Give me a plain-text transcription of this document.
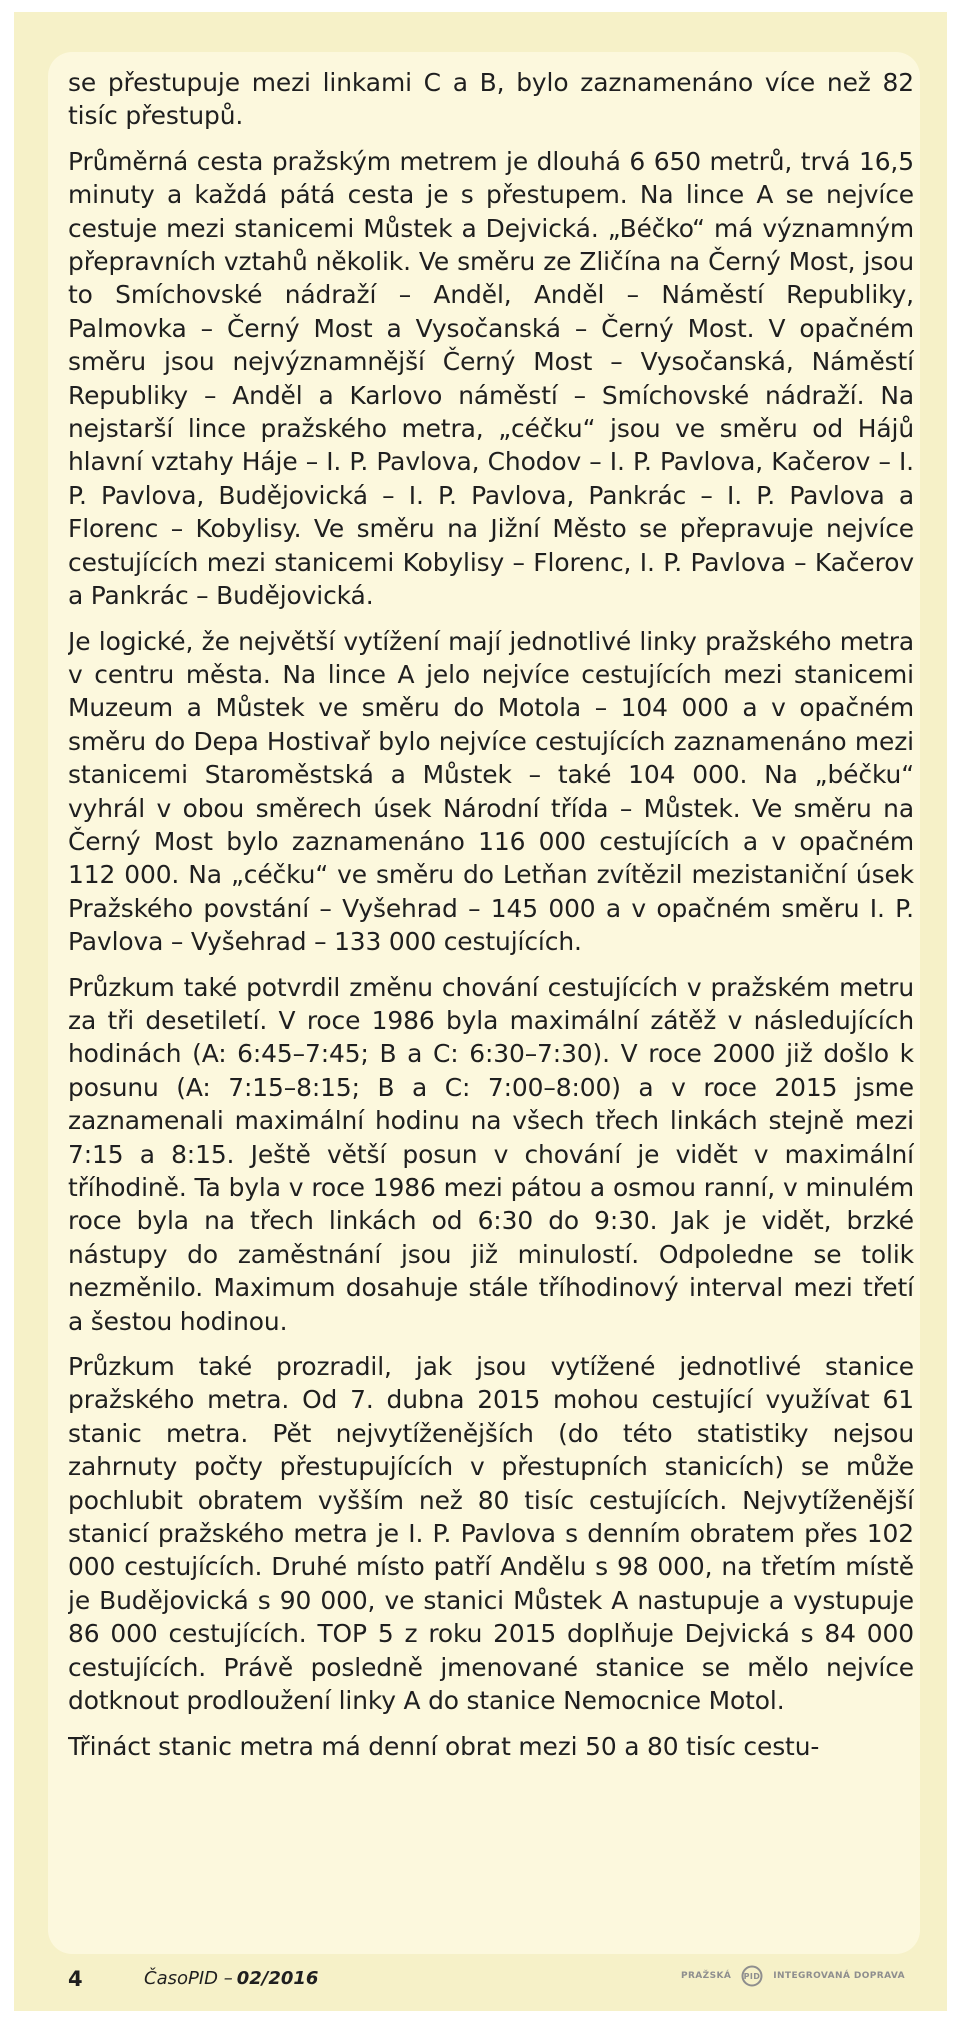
se přestupuje mezi linkami C a B, bylo zaznamenáno více než 82 tisíc přestupů.

Průměrná cesta pražským metrem je dlouhá 6 650 metrů, trvá 16,5 minuty a každá pátá cesta je s přestupem. Na lince A se nejvíce cestuje mezi stanicemi Můstek a Dejvická. „Béčko“ má významným přepravních vztahů několik. Ve směru ze Zličína na Černý Most, jsou to Smíchovské nádraží – Anděl, Anděl – Náměstí Republiky, Palmovka – Černý Most a Vysočanská – Černý Most. V opačném směru jsou nejvýznamnější Černý Most – Vysočanská, Náměstí Republiky – Anděl a Karlovo náměstí – Smíchovské nádraží. Na nejstarší lince pražského metra, „céčku“ jsou ve směru od Hájů hlavní vztahy Háje – I. P. Pavlova, Chodov – I. P. Pavlova, Kačerov – I. P. Pavlova, Budějovická – I. P. Pavlova, Pankrác – I. P. Pavlova a Florenc – Kobylisy. Ve směru na Jižní Město se přepravuje nejvíce cestujících mezi stanicemi Kobylisy – Florenc, I. P. Pavlova – Kačerov a Pankrác – Budějovická.

Je logické, že největší vytížení mají jednotlivé linky pražského metra v centru města. Na lince A jelo nejvíce cestujících mezi stanicemi Muzeum a Můstek ve směru do Motola – 104 000 a v opačném směru do Depa Hostivař bylo nejvíce cestujících zaznamenáno mezi stanicemi Staroměstská a Můstek – také 104 000. Na „béčku“ vyhrál v obou směrech úsek Národní třída – Můstek. Ve směru na Černý Most bylo zaznamenáno 116 000 cestujících a v opačném 112 000. Na „céčku“ ve směru do Letňan zvítězil mezistaniční úsek Pražského povstání – Vyšehrad – 145 000 a v opačném směru I. P. Pavlova – Vyšehrad – 133 000 cestujících.

Průzkum také potvrdil změnu chování cestujících v pražském metru za tři desetiletí. V roce 1986 byla maximální zátěž v následujících hodinách (A: 6:45–7:45; B a C: 6:30–7:30). V roce 2000 již došlo k posunu (A: 7:15–8:15; B a C: 7:00–8:00) a v roce 2015 jsme zaznamenali maximální hodinu na všech třech linkách stejně mezi 7:15 a 8:15. Ještě větší posun v chování je vidět v maximální tříhodině. Ta byla v roce 1986 mezi pátou a osmou ranní, v minulém roce byla na třech linkách od 6:30 do 9:30. Jak je vidět, brzké nástupy do zaměstnání jsou již minulostí. Odpoledne se tolik nezměnilo. Maximum dosahuje stále tříhodinový interval mezi třetí a šestou hodinou.

Průzkum také prozradil, jak jsou vytížené jednotlivé stanice pražského metra. Od 7. dubna 2015 mohou cestující využívat 61 stanic metra. Pět nejvytíženějších (do této statistiky nejsou zahrnuty počty přestupujících v přestupních stanicích) se může pochlubit obratem vyšším než 80 tisíc cestujících. Nejvytíženější stanicí pražského metra je I. P. Pavlova s denním obratem přes 102 000 cestujících. Druhé místo patří Andělu s 98 000, na třetím místě je Budějovická s 90 000, ve stanici Můstek A nastupuje a vystupuje 86 000 cestujících. TOP 5 z roku 2015 doplňuje Dejvická s 84 000 cestujících. Právě posledně jmenované stanice se mělo nejvíce dotknout prodloužení linky A do stanice Nemocnice Motol.

Třináct stanic metra má denní obrat mezi 50 a 80 tisíc cestu-

4	ČasoPID – 02/2016	PRAŽSKÁ PID INTEGROVANÁ DOPRAVA
